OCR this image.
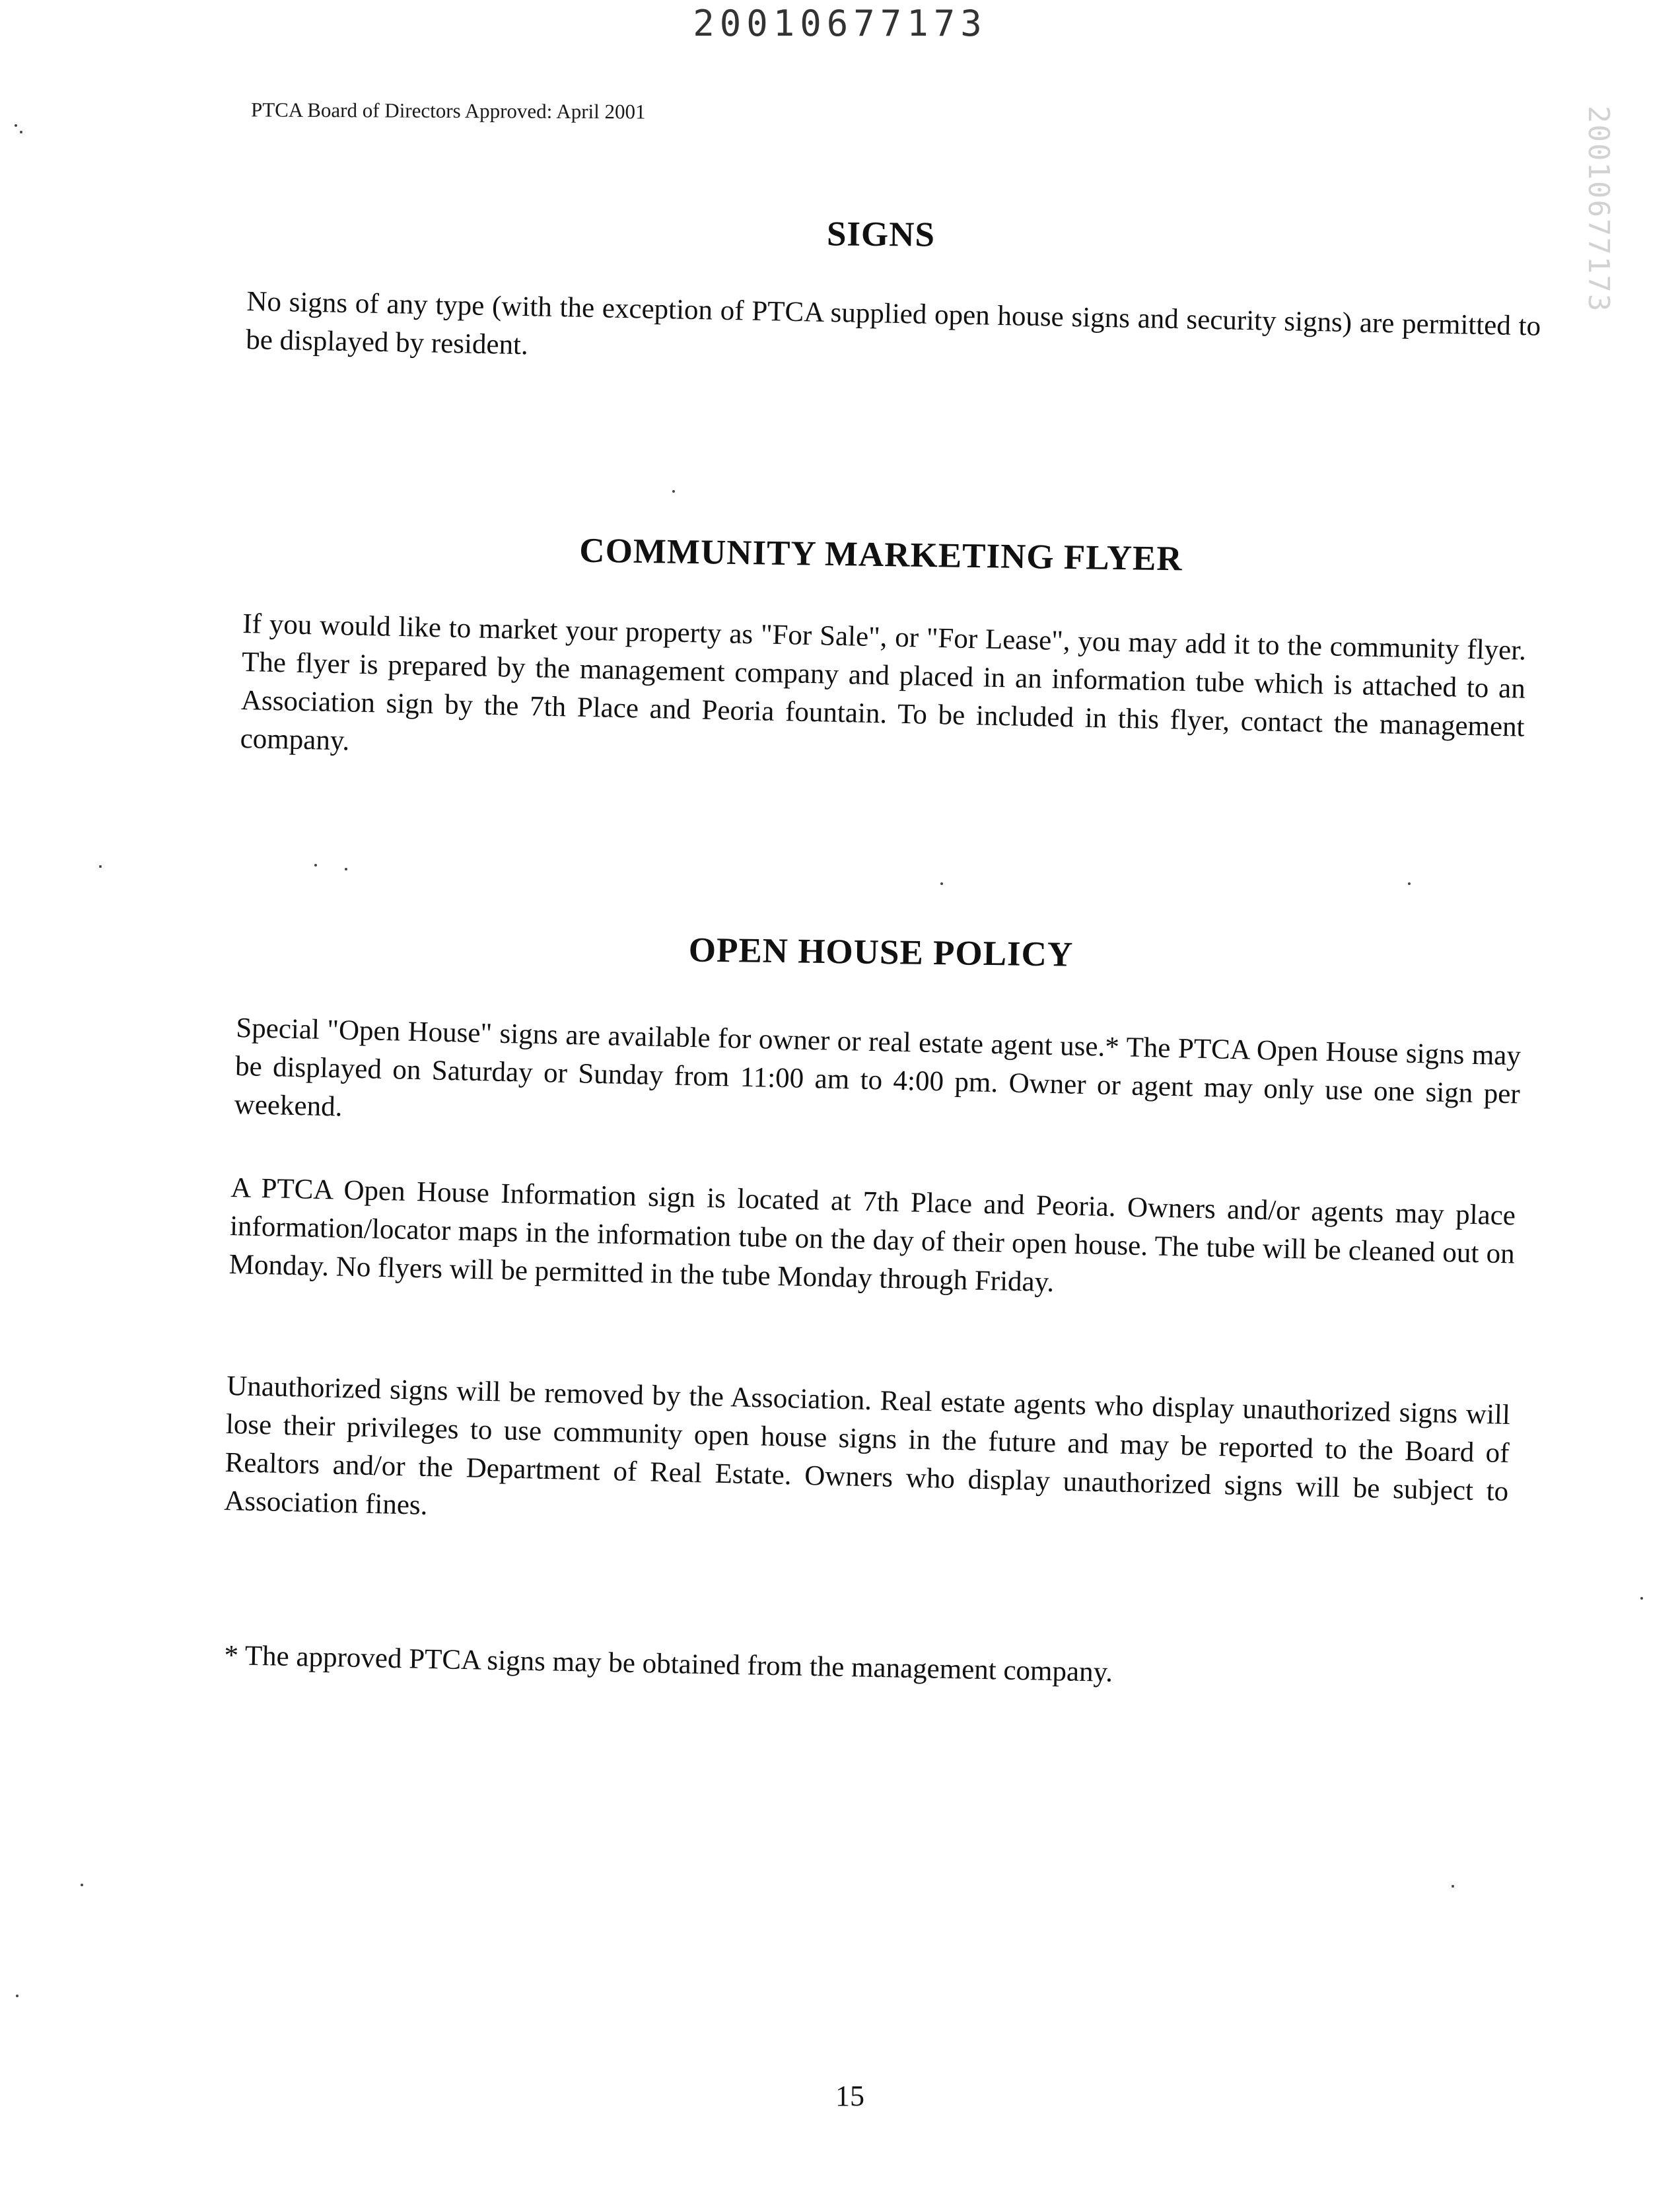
20010677173
PTCA Board of Directors Approved: April 2001	20010677173
SIGNS
No signs of any type (with the exception of PTCA supplied open house signs and security signs) are permitted to be displayed by resident.
COMMUNITY MARKETING FLYER
If you would like to market your property as "For Sale", or "For Lease", you may add it to the community flyer. The flyer is prepared by the management company and placed in an information tube which is attached to an Association sign by the 7th Place and Peoria fountain. To be included in this flyer, contact the management company.
OPEN HOUSE POLICY
Special "Open House" signs are available for owner or real estate agent use.* The PTCA Open House signs may be displayed on Saturday or Sunday from 11:00 am to 4:00 pm. Owner or agent may only use one sign per weekend.
A PTCA Open House Information sign is located at 7th Place and Peoria. Owners and/or agents may place information/locator maps in the information tube on the day of their open house. The tube will be cleaned out on Monday. No flyers will be permitted in the tube Monday through Friday.
Unauthorized signs will be removed by the Association. Real estate agents who display unauthorized signs will lose their privileges to use community open house signs in the future and may be reported to the Board of Realtors and/or the Department of Real Estate. Owners who display unauthorized signs will be subject to Association fines.
* The approved PTCA signs may be obtained from the management company.
15
